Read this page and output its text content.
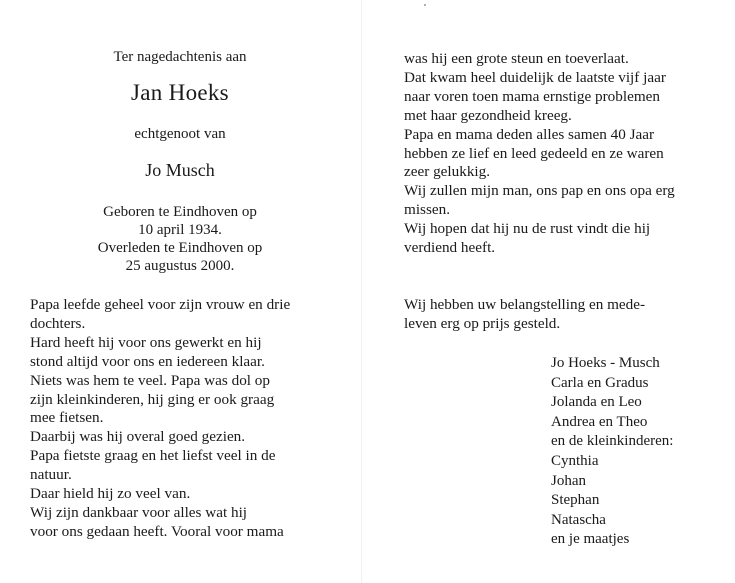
Ter nagedachtenis aan
Jan Hoeks
echtgenoot van
Jo Musch
Geboren te Eindhoven op
10 april 1934.
Overleden te Eindhoven op
25 augustus 2000.
Papa leefde geheel voor zijn vrouw en drie
dochters.
Hard heeft hij voor ons gewerkt en hij
stond altijd voor ons en iedereen klaar.
Niets was hem te veel. Papa was dol op
zijn kleinkinderen, hij ging er ook graag
mee fietsen.
Daarbij was hij overal goed gezien.
Papa fietste graag en het liefst veel in de
natuur.
Daar hield hij zo veel van.
Wij zijn dankbaar voor alles wat hij
voor ons gedaan heeft. Vooral voor mama
was hij een grote steun en toeverlaat.
Dat kwam heel duidelijk de laatste vijf jaar
naar voren toen mama ernstige problemen
met haar gezondheid kreeg.
Papa en mama deden alles samen 40 Jaar
hebben ze lief en leed gedeeld en ze waren
zeer gelukkig.
Wij zullen mijn man, ons pap en ons opa erg
missen.
Wij hopen dat hij nu de rust vindt die hij
verdiend heeft.
Wij hebben uw belangstelling en mede-
leven erg op prijs gesteld.
Jo Hoeks - Musch
Carla en Gradus
Jolanda en Leo
Andrea en Theo
en de kleinkinderen:
Cynthia
Johan
Stephan
Natascha
en je maatjes
